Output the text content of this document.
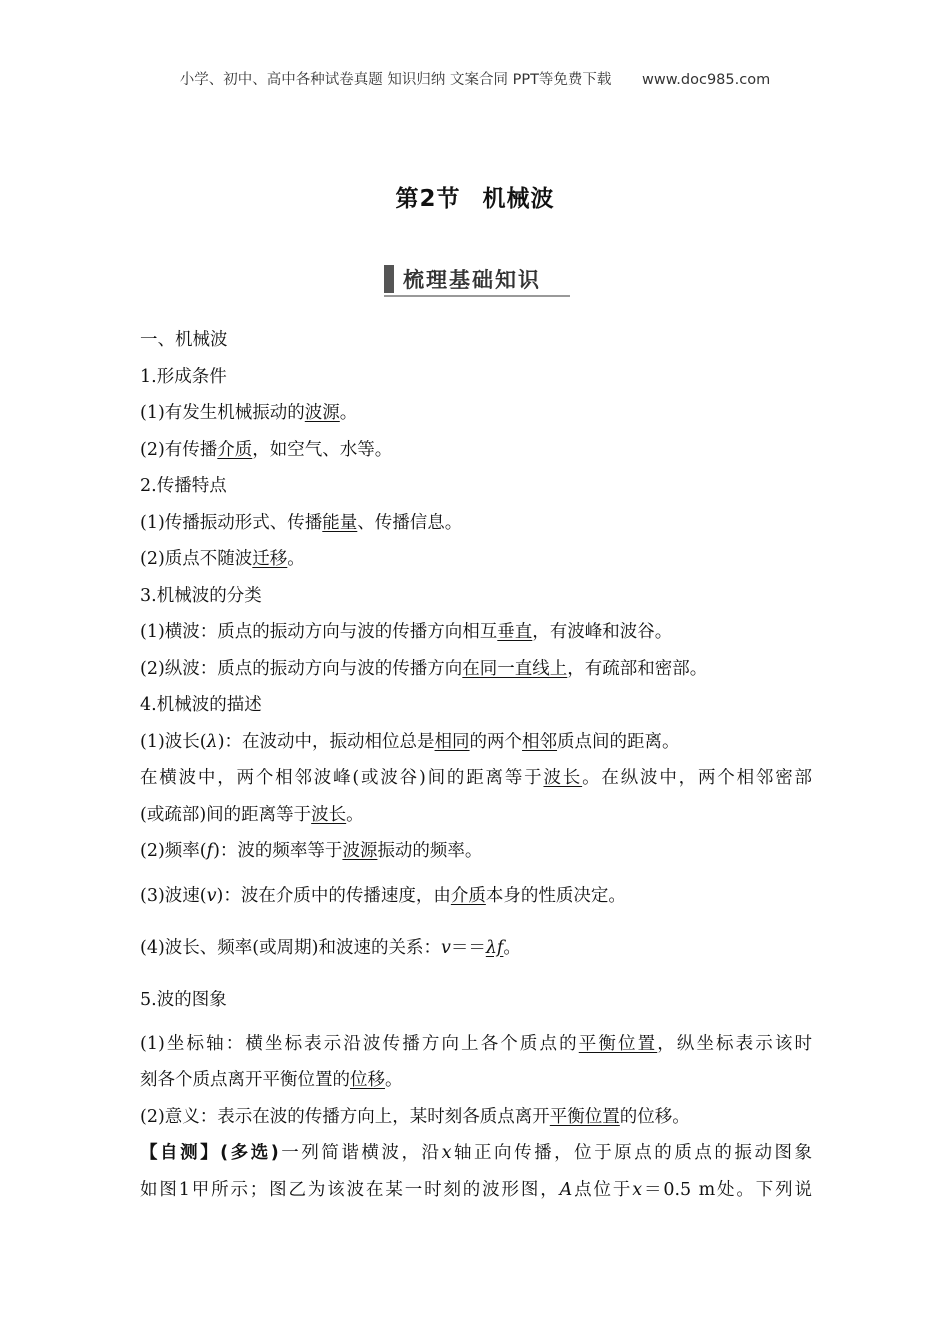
小学、初中、高中各种试卷真题 知识归纳 文案合同 PPT等免费下载 www.doc985.com
第2节 机械波
梳理基础知识
一、机械波
1.形成条件
(1)有发生机械振动的波源。
(2)有传播介质，如空气、水等。
2.传播特点
(1)传播振动形式、传播能量、传播信息。
(2)质点不随波迁移。
3.机械波的分类
(1)横波：质点的振动方向与波的传播方向相互垂直，有波峰和波谷。
(2)纵波：质点的振动方向与波的传播方向在同一直线上，有疏部和密部。
4.机械波的描述
(1)波长(λ)：在波动中，振动相位总是相同的两个相邻质点间的距离。
在横波中，两个相邻波峰(或波谷)间的距离等于波长。在纵波中，两个相邻密部
(或疏部)间的距离等于波长。
(2)频率(f)：波的频率等于波源振动的频率。
(3)波速(v)：波在介质中的传播速度，由介质本身的性质决定。
(4)波长、频率(或周期)和波速的关系：v＝＝λf。
5.波的图象
(1)坐标轴：横坐标表示沿波传播方向上各个质点的平衡位置，纵坐标表示该时
刻各个质点离开平衡位置的位移。
(2)意义：表示在波的传播方向上，某时刻各质点离开平衡位置的位移。
【自测】(多选)一列简谐横波，沿x轴正向传播，位于原点的质点的振动图象
如图1甲所示；图乙为该波在某一时刻的波形图，A点位于x＝0.5 m处。下列说
